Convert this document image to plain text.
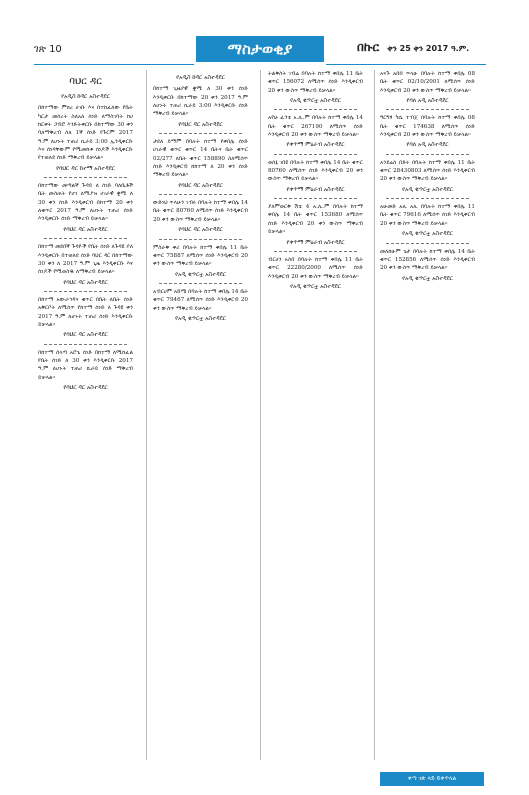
ገጽ 10	ማስታወቂያ	በኩር ቀን 25 ቀን 2017 ዓ.ም.
ባህር ዳር
የአዲስ ከዳር አስተዳደር
በከተማው ምክረ ሀገቡ እና በተከፈለው የቤት ካርታ መሰረት ስለአለ ሰነድ ለማስገባት ከሀ ከርቀት ጋብሮ እንድትቀርቡ በከተማው 30 ቀን ባለማቅረብ ስለ 1ኛ ሰነድ የጉርም 2017 ዓ.ም ለሆኑት ተጠሪ ኪራይ 3:00 ኢንዲቀርቡ እና ሰነዳቸውም የሚመከቱ ሰነዶች እንዲቀርቡ የተወለደ ሰነድ ማቅረብ ይቻላል፡፡
የባህር ዳር ከተማ አስተዳደር
በከተማው መጣልኛ ጉዳይ ለ ሰነድ ባለቤቶች ቤት መስጠት የሆነ ለሚያዝ ሀገራዊ ቋሚ ለ 30 ቀን ሰነድ እንዲቀርብ በከተማ 20 ቀን ለቁጥር 2017 ዓ.ም ለሆኑት ተጠሪ ሰነድ እንዲቀርቡ ሰነድ ማቅረብ ይቻላል፡፡
የባህር ዳር አስተዳደር
በከተማ መደበኛ ጉዳዮች የቤት ሰነድ ለጉዳዩ ያለ እንዲቀርቡ በተወለደ ሰነድ ባህር ዳር በከተማው 30 ቀን ለ 2017 ዓ.ም ጊዜ እንዲቀርቡ እና ሰነዶች የሚወስዱ ለማቅረብ ይቻላል፡፡
የባህር ዳር አስተዳደር
በከተማ አውራጎዳና ቁጥር በቤት ለቤት ሰነድ አቅርቦት ለሚሰጥ የከተማ ሰነድ ለ ጉዳዩ ቀን 2017 ዓ.ም ለሆኑት ተጠሪ ሰነድ እንዲቀርቡ ይቻላል፡፡
የባህር ዳር አስተዳደር
በከተማ ሰላጣ አሮጌ ሰነድ በከተማ ለሚከፈል የቤት ሰነድ ለ 30 ቀን እንዲቀርቡ 2017 ዓ.ም ለሆኑት ተጠሪ ኪራይ ሰነድ ማቅረብ ይቻላል፡፡
የባህር ዳር አስተዳደር
የአዲስ ከዳር አስተዳደር
በከተማ ጊዜያዊ ቋሚ ለ 30 ቀን ሰነድ እንዲቀርቡ በከተማው 20 ቀን 2017 ዓ.ም ለሆኑት ተጠሪ ኪራይ 3:00 እንዲቀርቡ ሰነድ ማቅረብ ይቻላል፡፡
የባህር ዳር አስተዳደር
ታደለ ይማም በባሉት ከተማ የቀበሌ ሰነድ ሀገራዊ ቁጥር ቁጥር 14 ቤትና ቤት ቁጥር 02/277 ለቤት ቁጥር 158890 ስለሚሰጥ ሰነድ እንዲቀርብ ከከተማ ለ 20 ቀን ሰነድ ማቅረብ ይቻላል፡፡
የባህር ዳር አስተዳደር
ውድነህ ጥላሁን ገብሩ በባሉት ከተማ ቀበሌ 14 ቤት ቁጥር 80760 ለሚሰጥ ሰነድ እንዲቀርብ 20 ቀን ውስጥ ማቅረብ ይቻላል፡፡
የባህር ዳር አስተዳደር
ምስራቅ ቀሪ በባሉት ከተማ ቀበሌ 11 ቤት ቁጥር 75887 ለሚሰጥ ሰነድ እንዲቀርብ 20 ቀን ውስጥ ማቅረብ ይቻላል፡፡
የአዲ ቁጥርቷ አስተዳደር
አብርሀም አሸሜ በባሉት ከተማ ቀበሌ 14 ቤት ቁጥር 79467 ለሚሰጥ ሰነድ እንዲቀርብ 20 ቀን ውስጥ ማቅረብ ይቻላል፡፡
የአዲ ቁጥርቷ አስተዳደር
ትልቅስት ገብሬ በባሉት ከተማ ቀበሌ 11 ቤት ቁጥር 156072 ለሚሰጥ ሰነድ እንዲቀርብ 20 ቀን ውስጥ ማቅረብ ይቻላል፡፡
የአዲ ቁጥርቷ አስተዳደር
አየሁ ፈንቴ አ.ሊ.ም በባሉት ከተማ ቀበሌ 14 ቤት ቁጥር 267190 ለሚሰጥ ሰነድ እንዲቀርብ 20 ቀን ውስጥ ማቅረብ ይቻላል፡፡
የቀጥማ ምዕራብ አስተዳደር
ወሰኔ ገበዩ በባሉት ከተማ ቀበሌ 14 ቤት ቁጥር 80760 ለሚሰጥ ሰነድ እንዲቀርብ 20 ቀን ውስጥ ማቅረብ ይቻላል፡፡
የቀጥማ ምዕራብ አስተዳደር
ያለምወርቅ ሽቴ 4 አ.ሊ.ም በባሉት ከተማ ቀበሌ 14 ቤት ቁጥር 153680 ለሚሰጥ ሰነድ እንዲቀርብ 20 ቀን ውስጥ ማቅረብ ይቻላል፡፡
የቀጥማ ምዕራብ አስተዳደር
ብርሀን አስበ በባሉት ከተማ ቀበሌ 11 ቤት ቁጥር 22280/2000 ለሚሰጥ ሰነድ እንዲቀርብ 20 ቀን ውስጥ ማቅረብ ይቻላል፡፡
የአዲ ቁጥርቷ አስተዳደር
አናጉ አበበ ጥላሁ በባሉት ከተማ ቀበሌ 08 ቤት ቁጥር 02/10/2001 ለሚሰጥ ሰነድ እንዲቀርብ 20 ቀን ውስጥ ማቅረብ ይቻላል፡፡
የባለ አዲ አስተዳደር
ዓርግፃ ካሴ ተብጀ በባሉት ከተማ ቀበሌ 08 ቤት ቁጥር 174638 ለሚሰጥ ሰነድ እንዲቀርብ 20 ቀን ውስጥ ማቅረብ ይቻላል፡፡
የባለ አዲ አስተዳደር
አንደሬስ በድሩ በባሉት ከተማ ቀበሌ 11 ቤት ቁጥር 28430803 ለሚሰጥ ሰነድ እንዲቀርብ 20 ቀን ውስጥ ማቅረብ ይቻላል፡፡
የአዲ ቁጥርቷ አስተዳደር
አሁመድ አሊ አሊ በባሉት ከተማ ቀበሌ 11 ቤት ቁጥር 79616 ለሚሰጥ ሰነድ እንዲቀርብ 20 ቀን ውስጥ ማቅረብ ይቻላል፡፡
የአዲ ቁጥርቷ አስተዳደር
መለከሁም ጌታ በባሉት ከተማ ቀበሌ 14 ቤት ቁጥር 152856 ለሚሰጥ ሰነድ እንዲቀርብ 20 ቀን ውስጥ ማቅረብ ይቻላል፡፡
የአዲ ቁጥርቷ አስተዳደር
ቀጣ ገጽ ላይ ይቀጥላል
